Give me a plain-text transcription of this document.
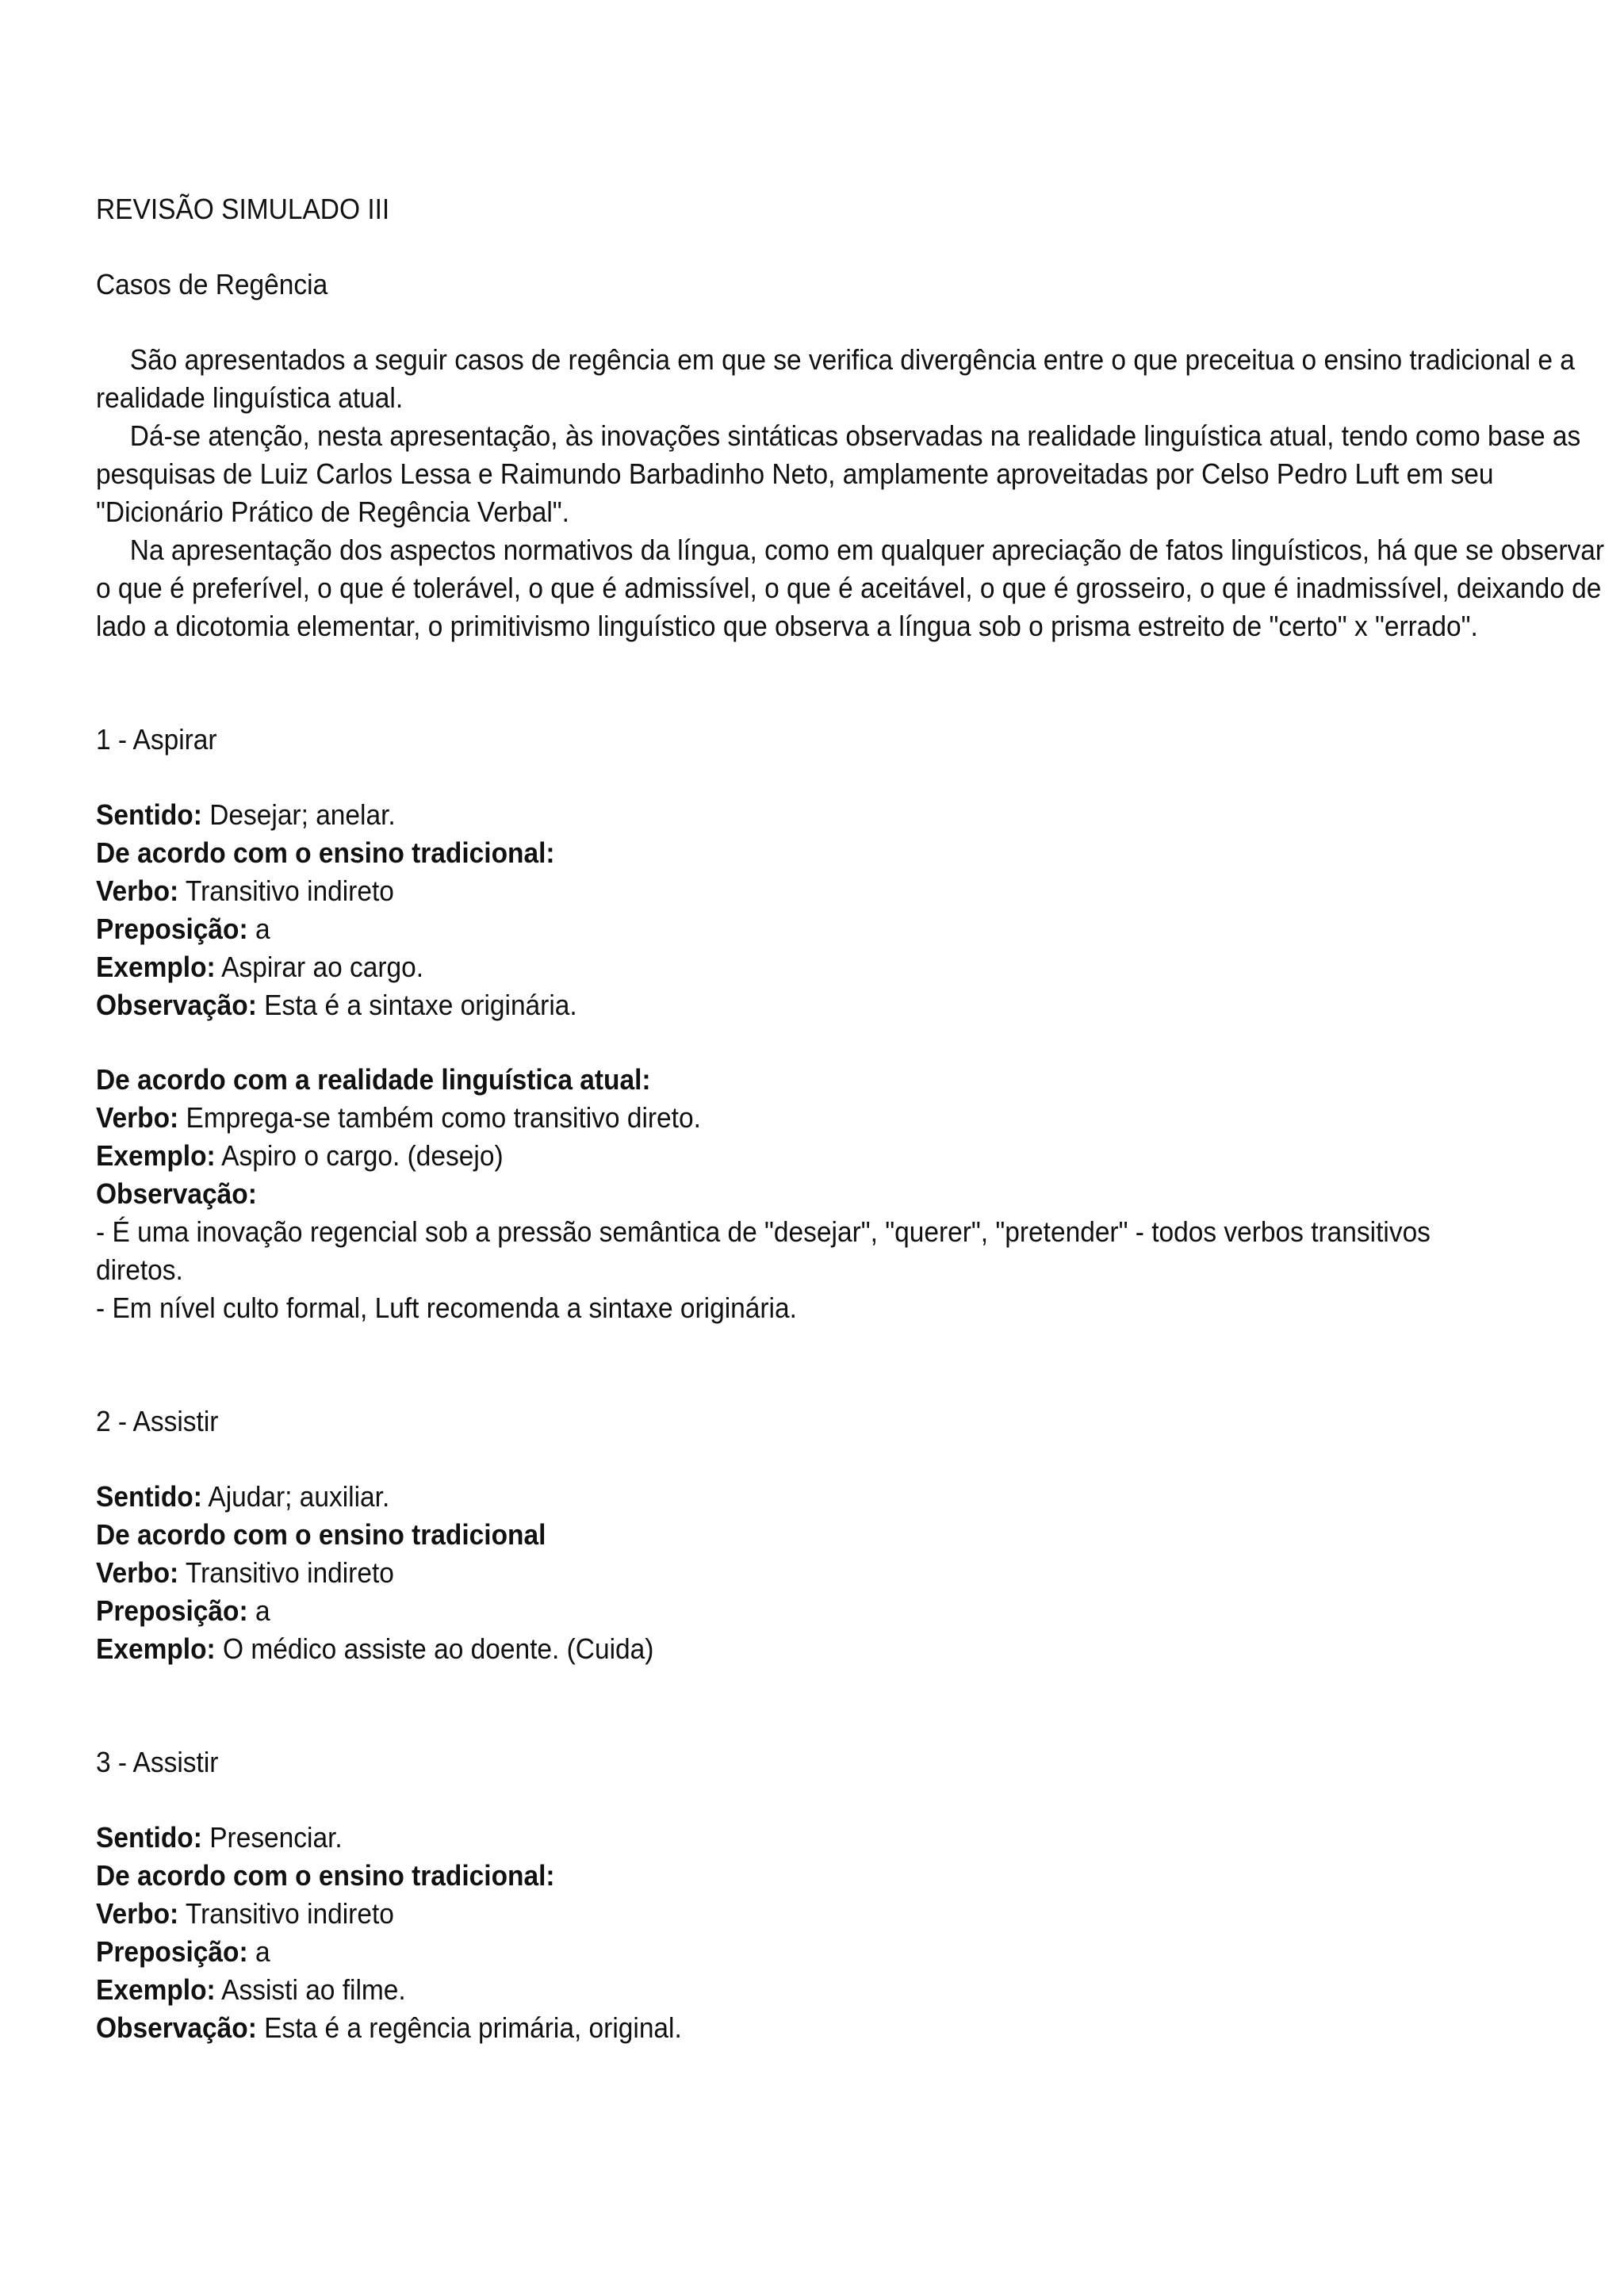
REVISÃO SIMULADO III

Casos de Regência

São apresentados a seguir casos de regência em que se verifica divergência entre o que preceitua o ensino tradicional e a realidade linguística atual.

Dá-se atenção, nesta apresentação, às inovações sintáticas observadas na realidade linguística atual, tendo como base as pesquisas de Luiz Carlos Lessa e Raimundo Barbadinho Neto, amplamente aproveitadas por Celso Pedro Luft em seu "Dicionário Prático de Regência Verbal".

Na apresentação dos aspectos normativos da língua, como em qualquer apreciação de fatos linguísticos, há que se observar o que é preferível, o que é tolerável, o que é admissível, o que é aceitável, o que é grosseiro, o que é inadmissível, deixando de lado a dicotomia elementar, o primitivismo linguístico que observa a língua sob o prisma estreito de "certo" x "errado".

1 - Aspirar

Sentido: Desejar; anelar.

De acordo com o ensino tradicional:

Verbo: Transitivo indireto

Preposição: a

Exemplo: Aspirar ao cargo.

Observação: Esta é a sintaxe originária.

De acordo com a realidade linguística atual:

Verbo: Emprega-se também como transitivo direto.

Exemplo: Aspiro o cargo. (desejo)

Observação:

- É uma inovação regencial sob a pressão semântica de "desejar", "querer", "pretender" - todos verbos transitivos diretos.

- Em nível culto formal, Luft recomenda a sintaxe originária.

2 - Assistir

Sentido: Ajudar; auxiliar.

De acordo com o ensino tradicional

Verbo: Transitivo indireto

Preposição: a

Exemplo: O médico assiste ao doente. (Cuida)

3 - Assistir

Sentido: Presenciar.

De acordo com o ensino tradicional:

Verbo: Transitivo indireto

Preposição: a

Exemplo: Assisti ao filme.

Observação: Esta é a regência primária, original.
